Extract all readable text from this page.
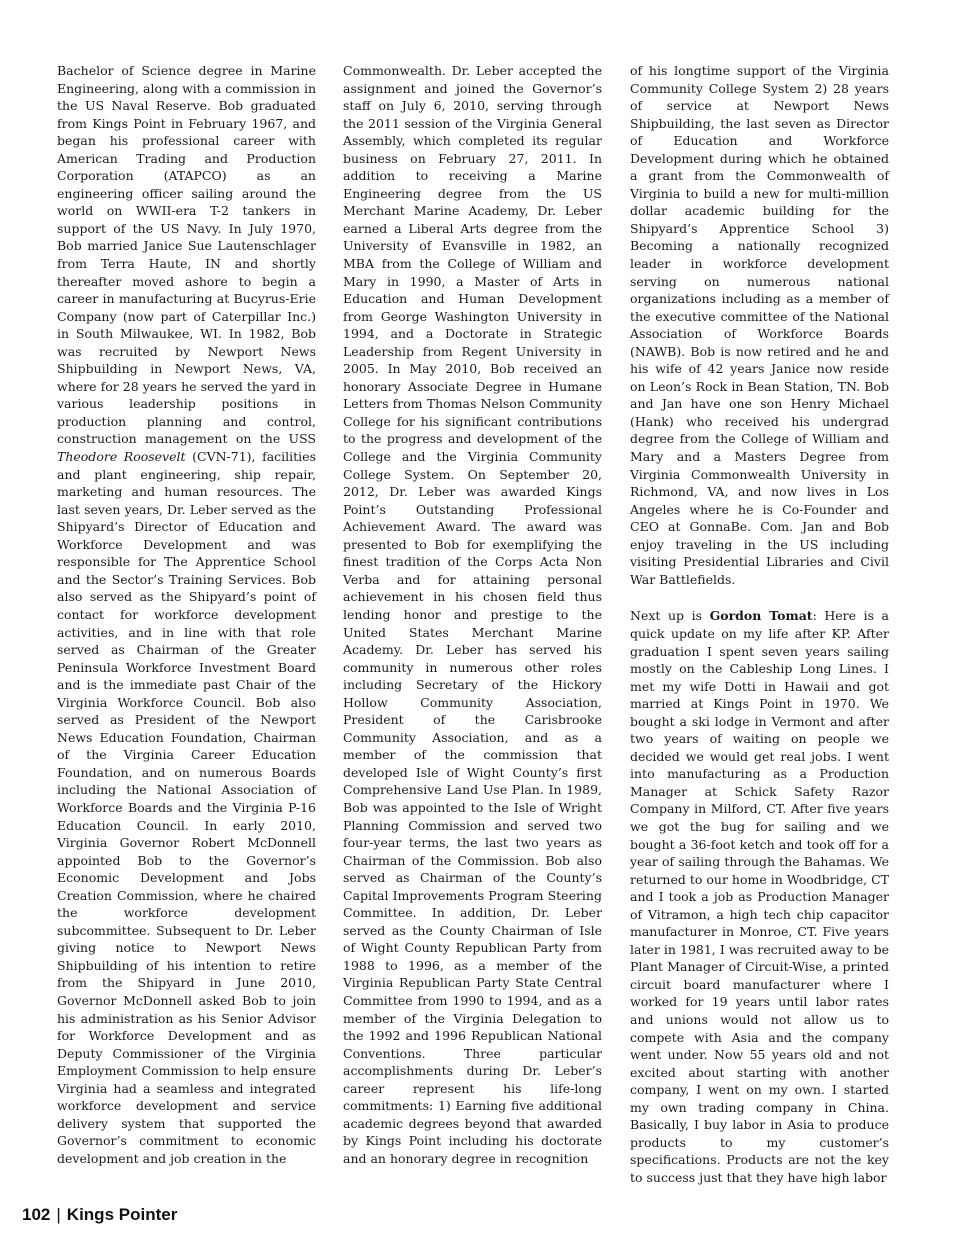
Bachelor of Science degree in Marine Engineering, along with a commission in the US Naval Reserve. Bob graduated from Kings Point in February 1967, and began his professional career with American Trading and Production Corporation (ATAPCO) as an engineering officer sailing around the world on WWII-era T-2 tankers in support of the US Navy. In July 1970, Bob married Janice Sue Lautenschlager from Terra Haute, IN and shortly thereafter moved ashore to begin a career in manufacturing at Bucyrus-Erie Company (now part of Caterpillar Inc.) in South Milwaukee, WI. In 1982, Bob was recruited by Newport News Shipbuilding in Newport News, VA, where for 28 years he served the yard in various leadership positions in production planning and control, construction management on the USS Theodore Roosevelt (CVN-71), facilities and plant engineering, ship repair, marketing and human resources. The last seven years, Dr. Leber served as the Shipyard’s Director of Education and Workforce Development and was responsible for The Apprentice School and the Sector’s Training Services. Bob also served as the Shipyard’s point of contact for workforce development activities, and in line with that role served as Chairman of the Greater Peninsula Workforce Investment Board and is the immediate past Chair of the Virginia Workforce Council. Bob also served as President of the Newport News Education Foundation, Chairman of the Virginia Career Education Foundation, and on numerous Boards including the National Association of Workforce Boards and the Virginia P-16 Education Council. In early 2010, Virginia Governor Robert McDonnell appointed Bob to the Governor’s Economic Development and Jobs Creation Commission, where he chaired the workforce development subcommittee. Subsequent to Dr. Leber giving notice to Newport News Shipbuilding of his intention to retire from the Shipyard in June 2010, Governor McDonnell asked Bob to join his administration as his Senior Advisor for Workforce Development and as Deputy Commissioner of the Virginia Employment Commission to help ensure Virginia had a seamless and integrated workforce development and service delivery system that supported the Governor’s commitment to economic development and job creation in the

Commonwealth. Dr. Leber accepted the assignment and joined the Governor’s staff on July 6, 2010, serving through the 2011 session of the Virginia General Assembly, which completed its regular business on February 27, 2011. In addition to receiving a Marine Engineering degree from the US Merchant Marine Academy, Dr. Leber earned a Liberal Arts degree from the University of Evansville in 1982, an MBA from the College of William and Mary in 1990, a Master of Arts in Education and Human Development from George Washington University in 1994, and a Doctorate in Strategic Leadership from Regent University in 2005. In May 2010, Bob received an honorary Associate Degree in Humane Letters from Thomas Nelson Community College for his significant contributions to the progress and development of the College and the Virginia Community College System. On September 20, 2012, Dr. Leber was awarded Kings Point’s Outstanding Professional Achievement Award. The award was presented to Bob for exemplifying the finest tradition of the Corps Acta Non Verba and for attaining personal achievement in his chosen field thus lending honor and prestige to the United States Merchant Marine Academy. Dr. Leber has served his community in numerous other roles including Secretary of the Hickory Hollow Community Association, President of the Carisbrooke Community Association, and as a member of the commission that developed Isle of Wight County’s first Comprehensive Land Use Plan. In 1989, Bob was appointed to the Isle of Wright Planning Commission and served two four-year terms, the last two years as Chairman of the Commission. Bob also served as Chairman of the County’s Capital Improvements Program Steering Committee. In addition, Dr. Leber served as the County Chairman of Isle of Wight County Republican Party from 1988 to 1996, as a member of the Virginia Republican Party State Central Committee from 1990 to 1994, and as a member of the Virginia Delegation to the 1992 and 1996 Republican National Conventions. Three particular accomplishments during Dr. Leber’s career represent his life-long commitments: 1) Earning five additional academic degrees beyond that awarded by Kings Point including his doctorate and an honorary degree in recognition

of his longtime support of the Virginia Community College System 2) 28 years of service at Newport News Shipbuilding, the last seven as Director of Education and Workforce Development during which he obtained a grant from the Commonwealth of Virginia to build a new for multi-million dollar academic building for the Shipyard’s Apprentice School 3) Becoming a nationally recognized leader in workforce development serving on numerous national organizations including as a member of the executive committee of the National Association of Workforce Boards (NAWB). Bob is now retired and he and his wife of 42 years Janice now reside on Leon’s Rock in Bean Station, TN. Bob and Jan have one son Henry Michael (Hank) who received his undergrad degree from the College of William and Mary and a Masters Degree from Virginia Commonwealth University in Richmond, VA, and now lives in Los Angeles where he is Co-Founder and CEO at GonnaBe. Com. Jan and Bob enjoy traveling in the US including visiting Presidential Libraries and Civil War Battlefields.

Next up is Gordon Tomat: Here is a quick update on my life after KP. After graduation I spent seven years sailing mostly on the Cableship Long Lines. I met my wife Dotti in Hawaii and got married at Kings Point in 1970. We bought a ski lodge in Vermont and after two years of waiting on people we decided we would get real jobs. I went into manufacturing as a Production Manager at Schick Safety Razor Company in Milford, CT. After five years we got the bug for sailing and we bought a 36-foot ketch and took off for a year of sailing through the Bahamas. We returned to our home in Woodbridge, CT and I took a job as Production Manager of Vitramon, a high tech chip capacitor manufacturer in Monroe, CT. Five years later in 1981, I was recruited away to be Plant Manager of Circuit-Wise, a printed circuit board manufacturer where I worked for 19 years until labor rates and unions would not allow us to compete with Asia and the company went under. Now 55 years old and not excited about starting with another company, I went on my own. I started my own trading company in China. Basically, I buy labor in Asia to produce products to my customer’s specifications. Products are not the key to success just that they have high labor

102 | Kings Pointer
